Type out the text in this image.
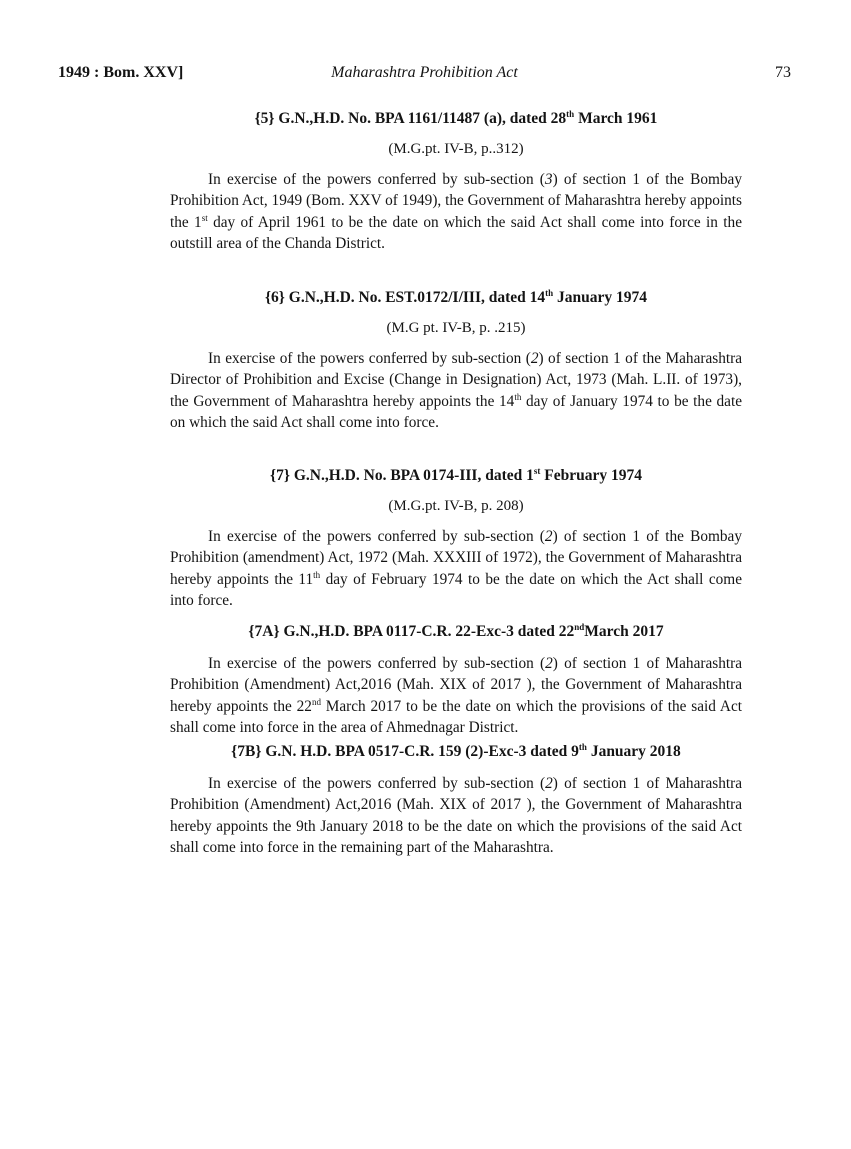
1949 : Bom. XXV]	Maharashtra Prohibition Act	73
{5} G.N.,H.D. No. BPA 1161/11487 (a), dated 28th March 1961
(M.G.pt. IV-B, p..312)

In exercise of the powers conferred by sub-section (3) of section 1 of the Bombay Prohibition Act, 1949 (Bom. XXV of 1949), the Government of Maharashtra hereby appoints the 1st day of April 1961 to be the date on which the said Act shall come into force in the outstill area of the Chanda District.

{6} G.N.,H.D. No. EST.0172/I/III, dated 14th January 1974
(M.G pt. IV-B, p. .215)

In exercise of the powers conferred by sub-section (2) of section 1 of the Maharashtra Director of Prohibition and Excise (Change in Designation) Act, 1973 (Mah. L.II. of 1973), the Government of Maharashtra hereby appoints the 14th day of January 1974 to be the date on which the said Act shall come into force.

{7} G.N.,H.D. No. BPA 0174-III, dated 1st February 1974
(M.G.pt. IV-B, p. 208)

In exercise of the powers conferred by sub-section (2) of section 1 of the Bombay Prohibition (amendment) Act, 1972 (Mah. XXXIII of 1972), the Government of Maharashtra hereby appoints the 11th day of February 1974 to be the date on which the Act shall come into force.

{7A} G.N.,H.D. BPA 0117-C.R. 22-Exc-3 dated 22ndMarch 2017

In exercise of the powers conferred by sub-section (2) of section 1 of Maharashtra Prohibition (Amendment) Act,2016 (Mah. XIX of 2017 ), the Government of Maharashtra hereby appoints the 22nd March 2017 to be the date on which the provisions of the said Act shall come into force in the area of Ahmednagar District.

{7B} G.N. H.D. BPA 0517-C.R. 159 (2)-Exc-3 dated 9th January 2018

In exercise of the powers conferred by sub-section (2) of section 1 of Maharashtra Prohibition (Amendment) Act,2016 (Mah. XIX of 2017 ), the Government of Maharashtra hereby appoints the 9th January 2018 to be the date on which the provisions of the said Act shall come into force in the remaining part of the Maharashtra.
